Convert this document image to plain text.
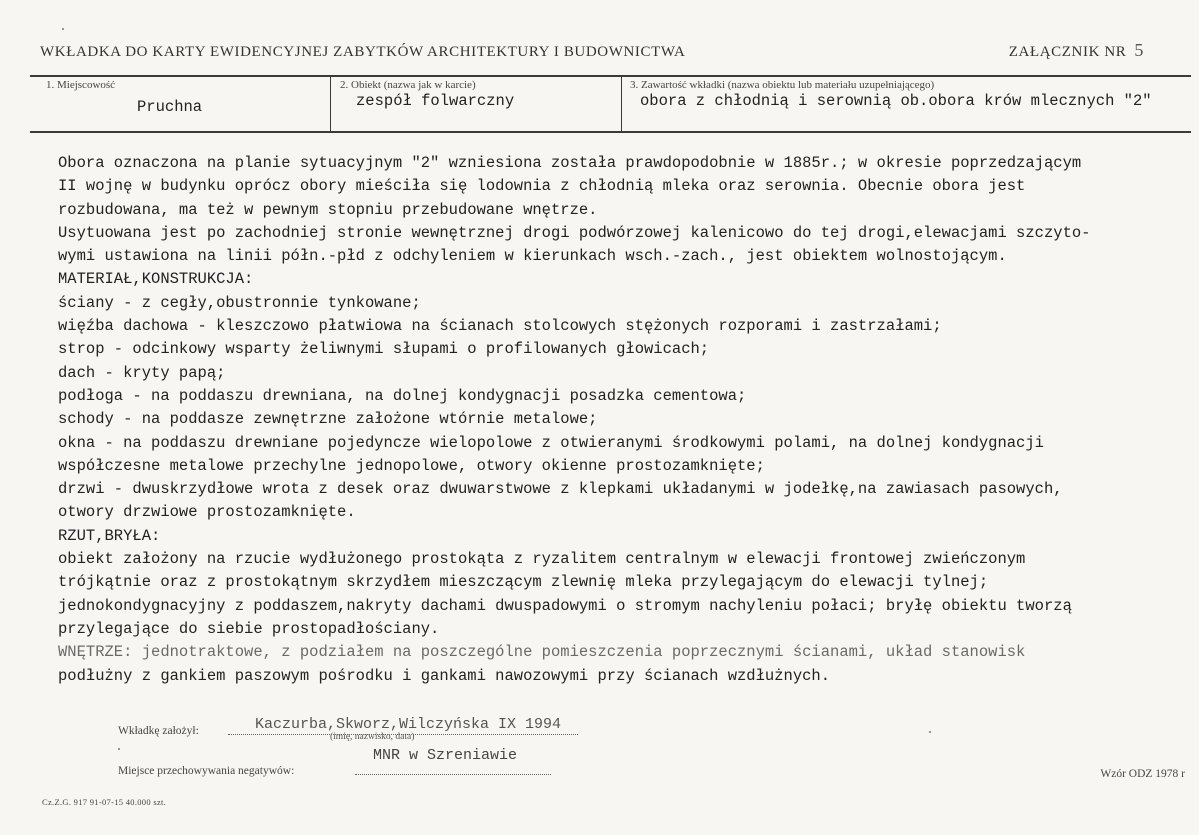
WKŁADKA DO KARTY EWIDENCYJNEJ ZABYTKÓW ARCHITEKTURY I BUDOWNICTWA	ZAŁĄCZNIK NR 5
1. Miejscowość
Pruchna
2. Obiekt (nazwa jak w karcie)
zespół folwarczny
3. Zawartość wkładki (nazwa obiektu lub materiału uzupełniającego)
obora z chłodnią i serownią ob.obora krów mlecznych "2"

Obora oznaczona na planie sytuacyjnym "2" wzniesiona została prawdopodobnie w 1885r.; w okresie poprzedzającym

II wojnę w budynku oprócz obory mieściła się lodownia z chłodnią mleka oraz serownia. Obecnie obora jest

rozbudowana, ma też w pewnym stopniu przebudowane wnętrze.

Usytuowana jest po zachodniej stronie wewnętrznej drogi podwórzowej kalenicowo do tej drogi,elewacjami szczyto-

wymi ustawiona na linii półn.-płd z odchyleniem w kierunkach wsch.-zach., jest obiektem wolnostojącym.

MATERIAŁ,KONSTRUKCJA:

ściany - z cegły,obustronnie tynkowane;

więźba dachowa - kleszczowo płatwiowa na ścianach stolcowych stężonych rozporami i zastrzałami;

strop - odcinkowy wsparty żeliwnymi słupami o profilowanych głowicach;

dach - kryty papą;

podłoga - na poddaszu drewniana, na dolnej kondygnacji posadzka cementowa;

schody - na poddasze zewnętrzne założone wtórnie metalowe;

okna - na poddaszu drewniane pojedyncze wielopolowe z otwieranymi środkowymi polami, na dolnej kondygnacji

współczesne metalowe przechylne jednopolowe, otwory okienne prostozamknięte;

drzwi - dwuskrzydłowe wrota z desek oraz dwuwarstwowe z klepkami układanymi w jodełkę,na zawiasach pasowych,

otwory drzwiowe prostozamknięte.

RZUT,BRYŁA:

obiekt założony na rzucie wydłużonego prostokąta z ryzalitem centralnym w elewacji frontowej zwieńczonym

trójkątnie oraz z prostokątnym skrzydłem mieszczącym zlewnię mleka przylegającym do elewacji tylnej;

jednokondygnacyjny z poddaszem,nakryty dachami dwuspadowymi o stromym nachyleniu połaci; bryłę obiektu tworzą

przylegające do siebie prostopadłościany.

WNĘTRZE: jednotraktowe, z podziałem na poszczególne pomieszczenia poprzecznymi ścianami, układ stanowisk

podłużny z gankiem paszowym pośrodku i gankami nawozowymi przy ścianach wzdłużnych.

Wkładkę założył:	Kaczurba,Skworz,Wilczyńska IX 1994
(imię, nazwisko, data)
Miejsce przechowywania negatywów:
MNR w Szreniawie
Wzór ODZ 1978 r
Cz.Z.G. 917 91-07-15 40.000 szt.
